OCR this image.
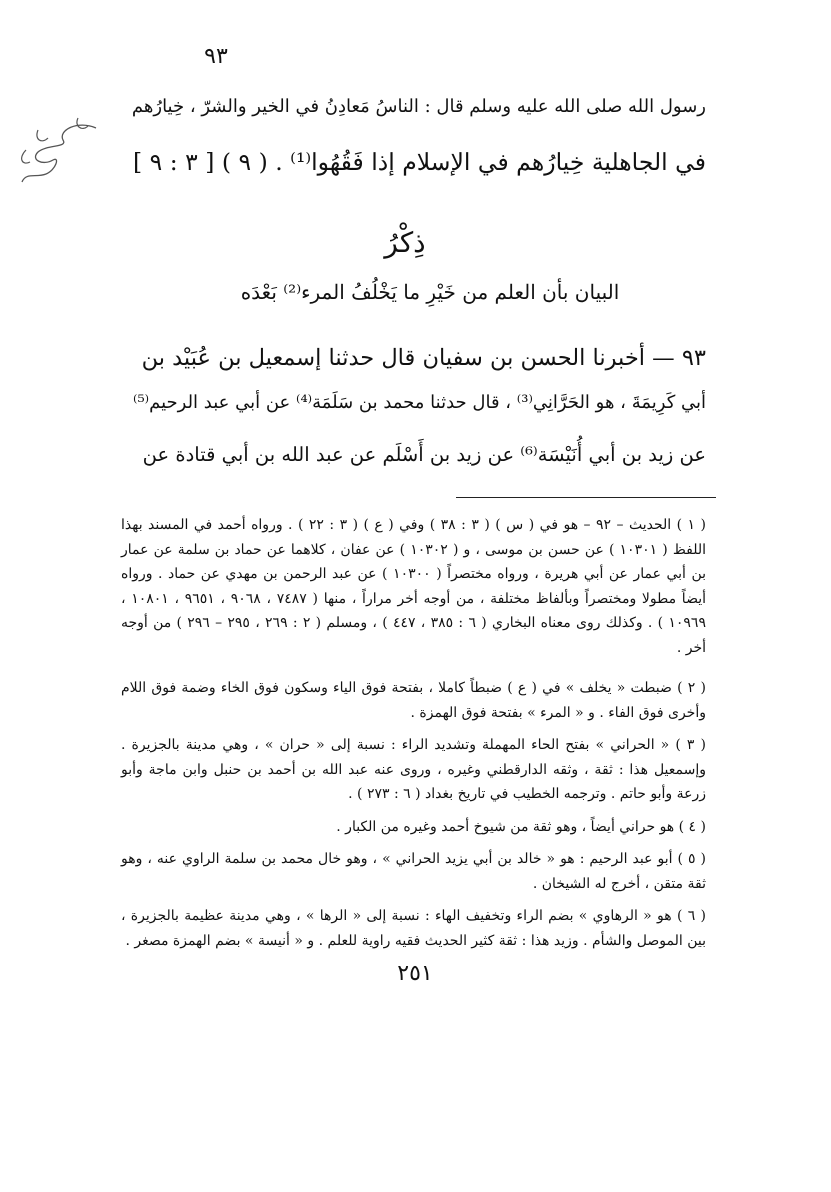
٩٣
رسول الله صلى الله عليه وسلم قال : الناسُ مَعادِنُ في الخير والشرّ ، خِيارُهم
في الجاهلية خِيارُهم في الإسلام إذا فَقُهُوا⁽¹⁾ . ( ٩ ) [ ٣ : ٩ ]
ذِكْرُ
البيان بأن العلم من خَيْرِ ما يَخْلُفُ المرء⁽²⁾ بَعْدَه
٩٣ — أخبرنا الحسن بن سفيان قال حدثنا إسمعيل بن عُبَيْد بن
أبي كَرِيمَةَ ، هو الحَرَّانِي⁽³⁾ ، قال حدثنا محمد بن سَلَمَة⁽⁴⁾ عن أبي عبد الرحيم⁽⁵⁾
عن زيد بن أبي أُنَيْسَة⁽⁶⁾ عن زيد بن أَسْلَم عن عبد الله بن أبي قتادة عن
( ١ ) الحديث – ٩٢ – هو في ( س ) ( ٣ : ٣٨ ) وفي ( ع ) ( ٣ : ٢٢ ) . ورواه أحمد في المسند بهذا اللفظ ( ١٠٣٠١ ) عن حسن بن موسى ، و ( ١٠٣٠٢ ) عن عفان ، كلاهما عن حماد بن سلمة عن عمار بن أبي عمار عن أبي هريرة ، ورواه مختصراً ( ١٠٣٠٠ ) عن عبد الرحمن بن مهدي عن حماد . ورواه أيضاً مطولا ومختصراً وبألفاظ مختلفة ، من أوجه أخر مراراً ، منها ( ٧٤٨٧ ، ٩٠٦٨ ، ٩٦٥١ ، ١٠٨٠١ ، ١٠٩٦٩ ) . وكذلك روى معناه البخاري ( ٦ : ٣٨٥ ، ٤٤٧ ) ، ومسلم ( ٢ : ٢٦٩ ، ٢٩٥ – ٢٩٦ ) من أوجه أخر .
( ٢ ) ضبطت « يخلف » في ( ع ) ضبطاً كاملا ، بفتحة فوق الياء وسكون فوق الخاء وضمة فوق اللام وأخرى فوق الفاء . و « المرء » بفتحة فوق الهمزة .
( ٣ ) « الحراني » بفتح الحاء المهملة وتشديد الراء : نسبة إلى « حران » ، وهي مدينة بالجزيرة . وإسمعيل هذا : ثقة ، وثقه الدارقطني وغيره ، وروى عنه عبد الله بن أحمد بن حنبل وابن ماجة وأبو زرعة وأبو حاتم . وترجمه الخطيب في تاريخ بغداد ( ٦ : ٢٧٣ ) .
( ٤ ) هو حراني أيضاً ، وهو ثقة من شيوخ أحمد وغيره من الكبار .
( ٥ ) أبو عبد الرحيم : هو « خالد بن أبي يزيد الحراني » ، وهو خال محمد بن سلمة الراوي عنه ، وهو ثقة متقن ، أخرج له الشيخان .
( ٦ ) هو « الرهاوي » بضم الراء وتخفيف الهاء : نسبة إلى « الرها » ، وهي مدينة عظيمة بالجزيرة ، بين الموصل والشأم . وزيد هذا : ثقة كثير الحديث فقيه راوية للعلم . و « أنيسة » بضم الهمزة مصغر .
٢٥١
